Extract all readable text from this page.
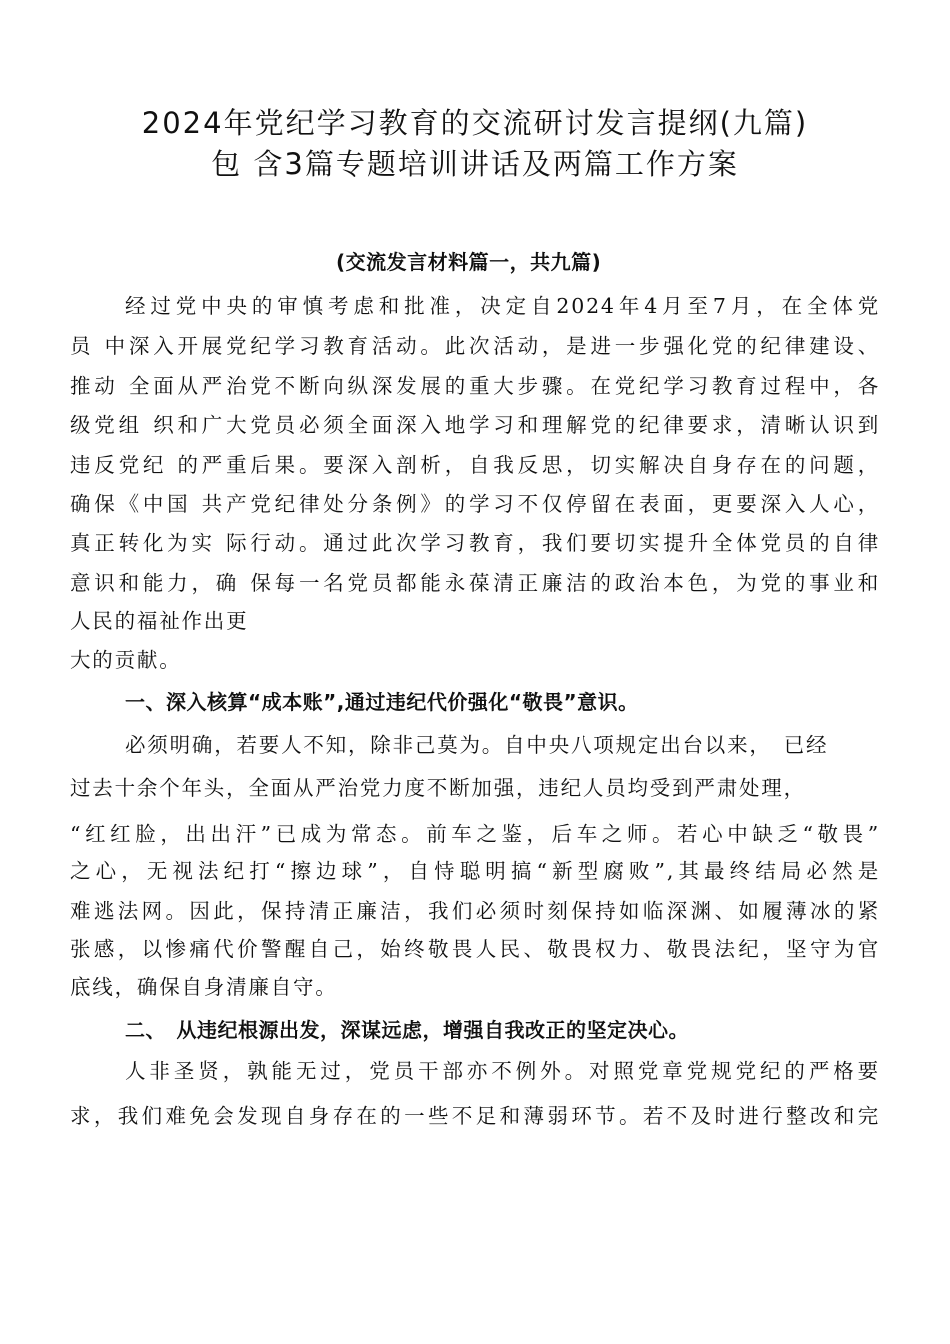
2024年党纪学习教育的交流研讨发言提纲(九篇)
包 含3篇专题培训讲话及两篇工作方案
(交流发言材料篇一，共九篇)
经过党中央的审慎考虑和批准，决定自2024年4月至7月，在全体党
员 中深入开展党纪学习教育活动。此次活动，是进一步强化党的纪律建设、
推动 全面从严治党不断向纵深发展的重大步骤。在党纪学习教育过程中，各
级党组 织和广大党员必须全面深入地学习和理解党的纪律要求，清晰认识到
违反党纪 的严重后果。要深入剖析，自我反思，切实解决自身存在的问题，
确保《中国 共产党纪律处分条例》的学习不仅停留在表面，更要深入人心，
真正转化为实 际行动。通过此次学习教育，我们要切实提升全体党员的自律
意识和能力，确 保每一名党员都能永葆清正廉洁的政治本色，为党的事业和
人民的福祉作出更
大的贡献。
一、深入核算“成本账”,通过违纪代价强化“敬畏”意识。
必须明确，若要人不知，除非己莫为。自中央八项规定出台以来，　已经
过去十余个年头，全面从严治党力度不断加强，违纪人员均受到严肃处理，
“红红脸，出出汗”已成为常态。前车之鉴，后车之师。若心中缺乏“敬畏”
之心，无视法纪打“擦边球”，自恃聪明搞“新型腐败”,其最终结局必然是
难逃法网。因此，保持清正廉洁，我们必须时刻保持如临深渊、如履薄冰的紧
张感，以惨痛代价警醒自己，始终敬畏人民、敬畏权力、敬畏法纪，坚守为官
底线，确保自身清廉自守。
二、　从违纪根源出发，深谋远虑，增强自我改正的坚定决心。
人非圣贤，孰能无过，党员干部亦不例外。对照党章党规党纪的严格要
求，我们难免会发现自身存在的一些不足和薄弱环节。若不及时进行整改和完
